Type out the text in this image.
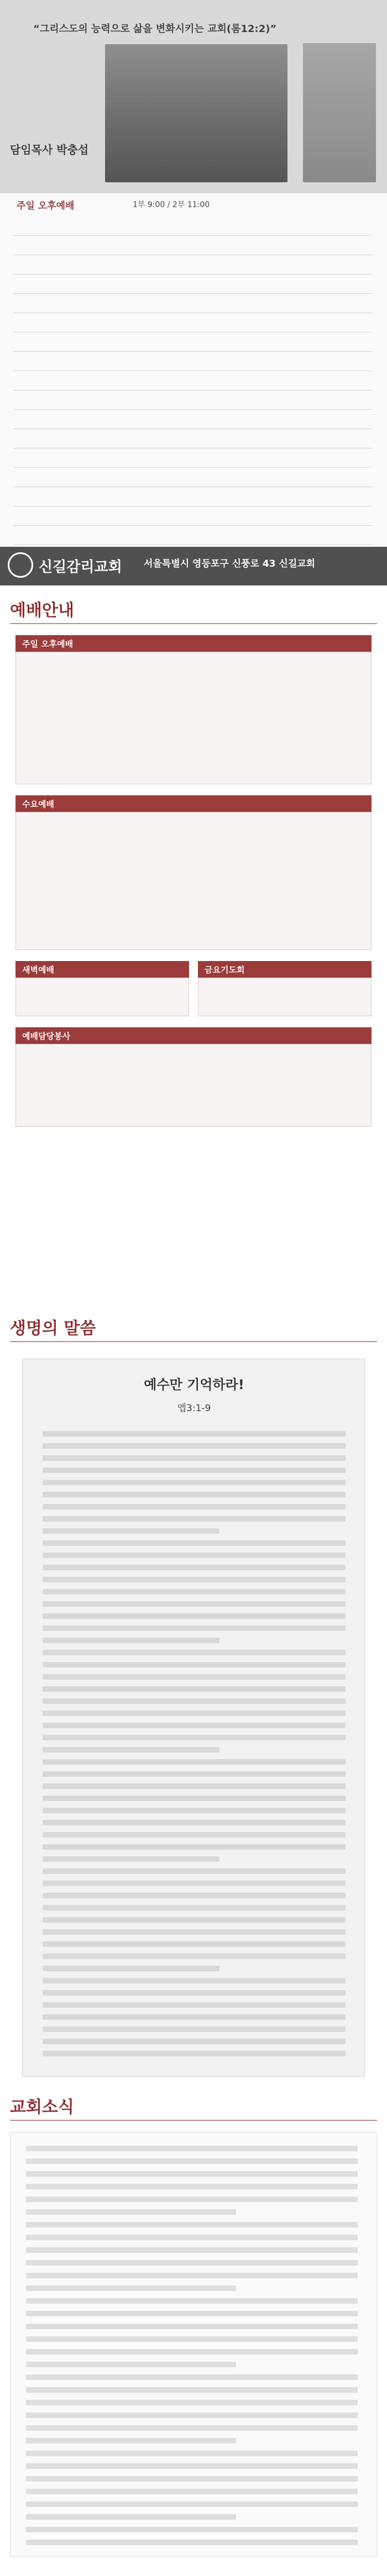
“그리스도의 능력으로 삶을 변화시키는 교회(롬12:2)”
담임목사 박충섭
주일 오후예배	1부 9:00 / 2부 11:00
신길감리교회 서울특별시 영등포구 신풍로 43 신길교회
예배안내
주일 오후예배
수요예배
새벽예배	금요기도회
예배담당봉사
생명의 말씀
예수만 기억하라!
엡3:1-9
교회소식
